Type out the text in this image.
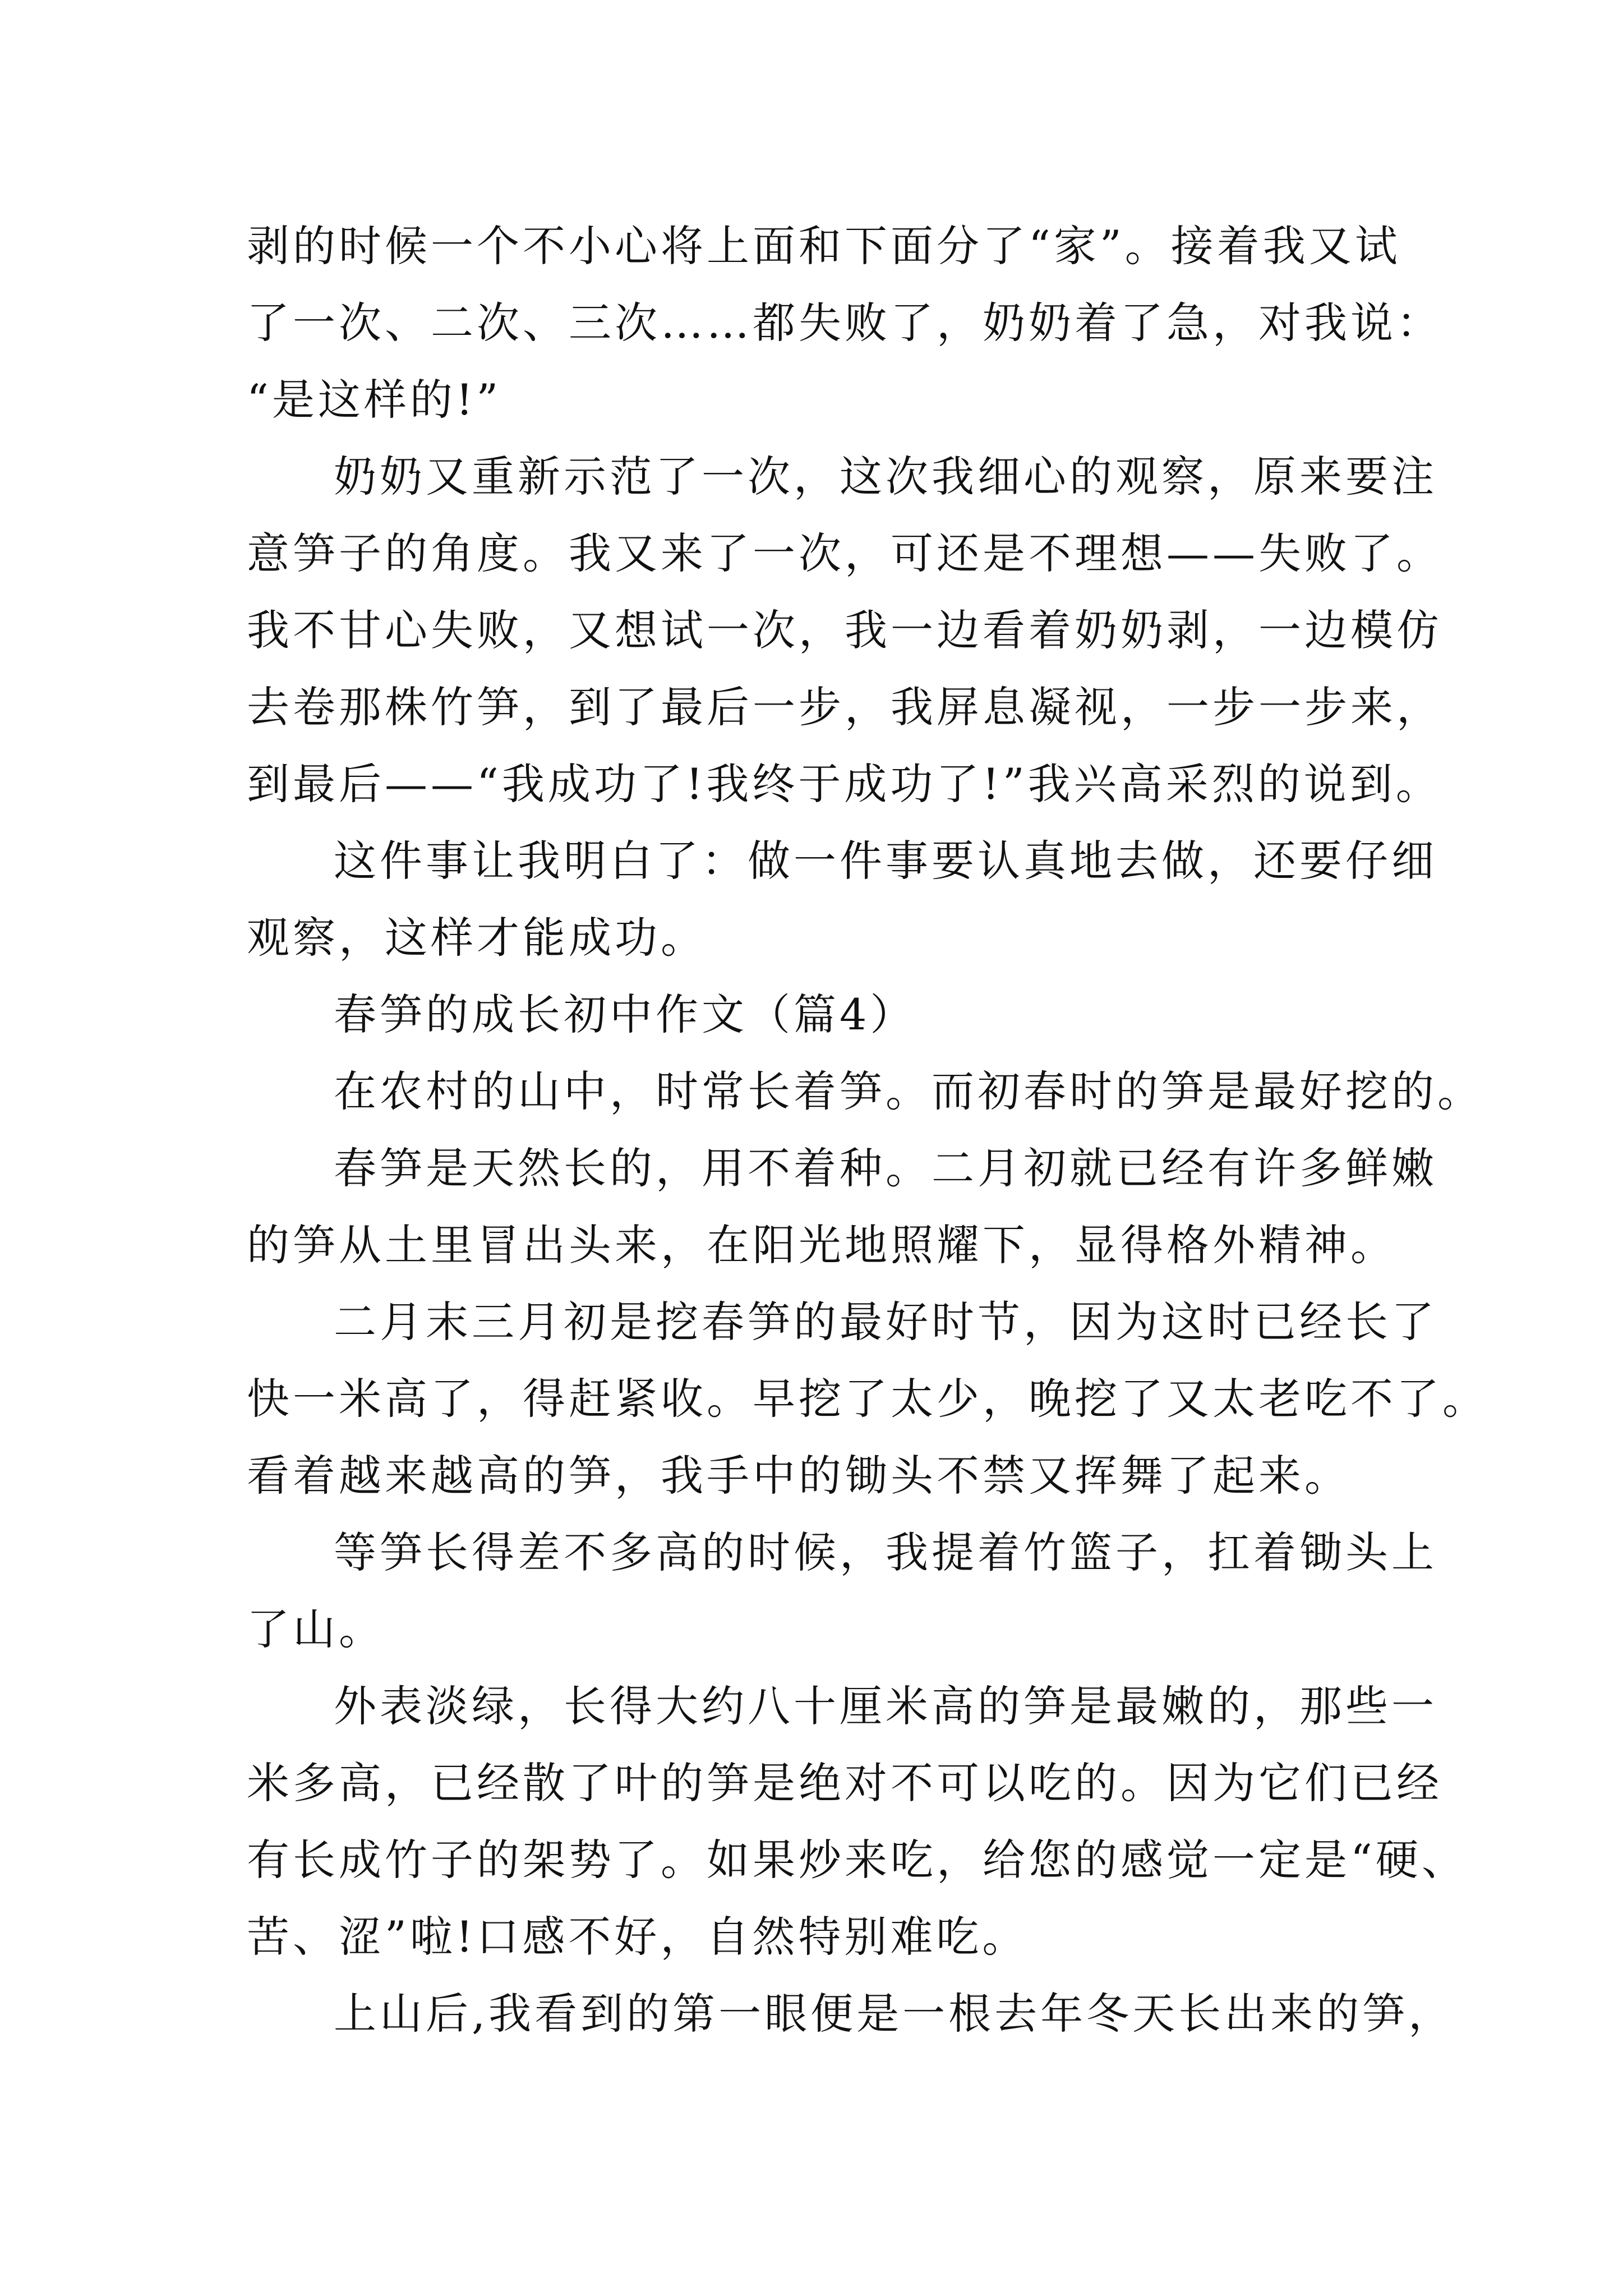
剥的时候一个不小心将上面和下面分了“家”。接着我又试
了一次、二次、三次……都失败了，奶奶着了急，对我说：
“是这样的!”
奶奶又重新示范了一次，这次我细心的观察，原来要注
意笋子的角度。我又来了一次，可还是不理想——失败了。
我不甘心失败，又想试一次，我一边看着奶奶剥，一边模仿
去卷那株竹笋，到了最后一步，我屏息凝视，一步一步来，
到最后——“我成功了!我终于成功了!”我兴高采烈的说到。
这件事让我明白了：做一件事要认真地去做，还要仔细
观察，这样才能成功。
春笋的成长初中作文（篇4）
在农村的山中，时常长着笋。而初春时的笋是最好挖的。
春笋是天然长的，用不着种。二月初就已经有许多鲜嫩
的笋从土里冒出头来，在阳光地照耀下，显得格外精神。
二月末三月初是挖春笋的最好时节，因为这时已经长了
快一米高了，得赶紧收。早挖了太少，晚挖了又太老吃不了。
看着越来越高的笋，我手中的锄头不禁又挥舞了起来。
等笋长得差不多高的时候，我提着竹篮子，扛着锄头上
了山。
外表淡绿，长得大约八十厘米高的笋是最嫩的，那些一
米多高，已经散了叶的笋是绝对不可以吃的。因为它们已经
有长成竹子的架势了。如果炒来吃，给您的感觉一定是“硬、
苦、涩”啦!口感不好，自然特别难吃。
上山后,我看到的第一眼便是一根去年冬天长出来的笋，
